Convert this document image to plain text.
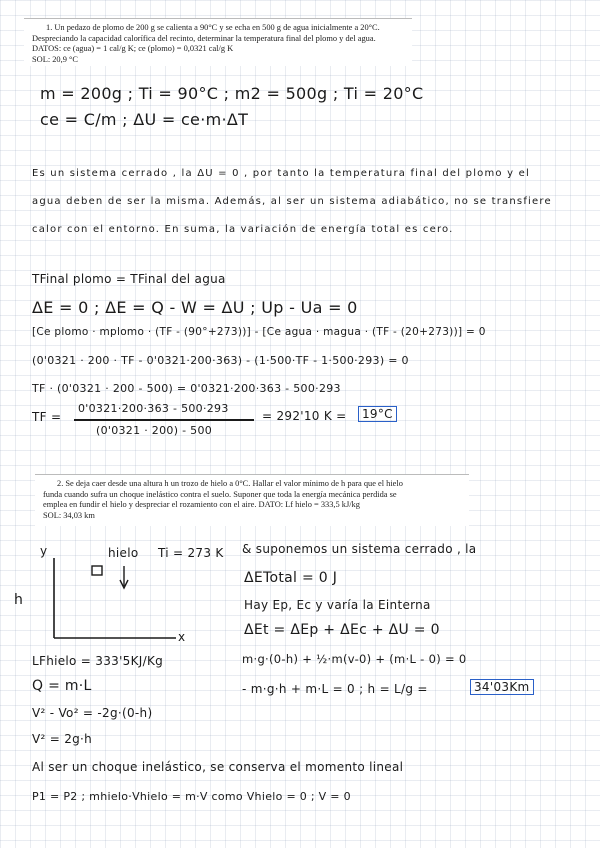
1. Un pedazo de plomo de 200 g se calienta a 90°C y se echa en 500 g de agua inicialmente a 20°C.

Despreciando la capacidad calorífica del recinto, determinar la temperatura final del plomo y del agua.

DATOS: ce (agua) = 1 cal/g K; ce (plomo) = 0,0321 cal/g K

SOL: 20,9 °C

m = 200g ; Ti = 90°C ; m2 = 500g ; Ti = 20°C
ce = C/m ; ΔU = ce·m·ΔT
Es un sistema cerrado , la ΔU = 0 , por tanto la temperatura final del plomo y el
agua deben de ser la misma. Además, al ser un sistema adiabático, no se transfiere
calor con el entorno. En suma, la variación de energía total es cero.
TFinal plomo = TFinal del agua
ΔE = 0 ; ΔE = Q - W = ΔU ; Up - Ua = 0
[Ce plomo · mplomo · (TF - (90°+273))] - [Ce agua · magua · (TF - (20+273))] = 0
(0'0321 · 200 · TF - 0'0321·200·363) - (1·500·TF - 1·500·293) = 0
TF · (0'0321 · 200 - 500) = 0'0321·200·363 - 500·293
TF =
0'0321·200·363 - 500·293
(0'0321 · 200) - 500
= 292'10 K =	19°C

2. Se deja caer desde una altura h un trozo de hielo a 0°C. Hallar el valor mínimo de h para que el hielo

funda cuando sufra un choque inelástico contra el suelo. Suponer que toda la energía mecánica perdida se

emplea en fundir el hielo y despreciar el rozamiento con el aire. DATO: Lf hielo = 333,5 kJ/kg

SOL: 34,03 km

y
x
hielo Ti = 273 K
h
& suponemos un sistema cerrado , la
ΔETotal = 0 J
Hay Ep, Ec y varía la Einterna
ΔEt = ΔEp + ΔEc + ΔU = 0
m·g·(0-h) + ½·m(v-0) + (m·L - 0) = 0
- m·g·h + m·L = 0 ; h = L/g =	34'03Km
LFhielo = 333'5KJ/Kg
Q = m·L
V² - Vo² = -2g·(0-h)
V² = 2g·h
Al ser un choque inelástico, se conserva el momento lineal
P1 = P2 ; mhielo·Vhielo = m·V como Vhielo = 0 ; V = 0
